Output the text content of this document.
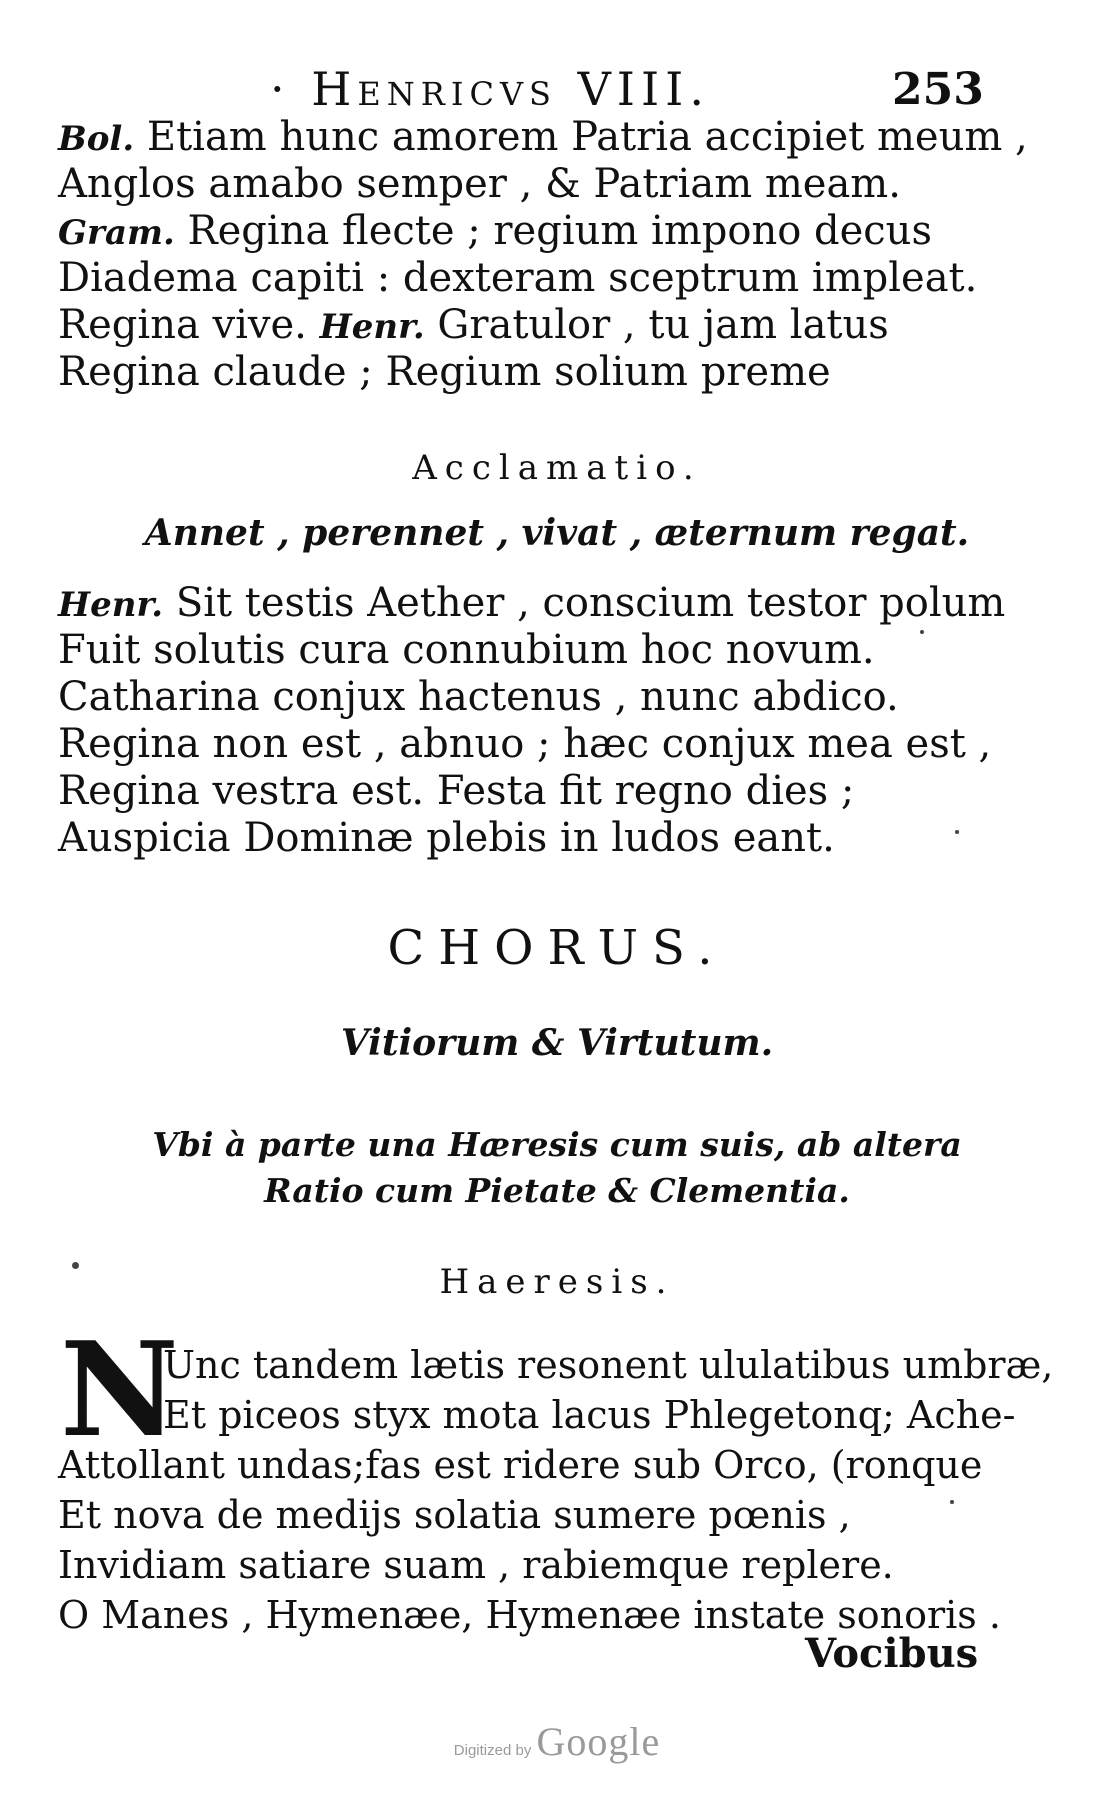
· Henricvs VIII.	253
Bol. Etiam hunc amorem Patria accipiet meum ,
Anglos amabo semper , & Patriam meam.
Gram. Regina flecte ; regium impono decus
Diadema capiti : dexteram sceptrum impleat.
Regina vive. Henr. Gratulor , tu jam latus
Regina claude ; Regium solium preme
Acclamatio.
Annet , perennet , vivat , æternum regat.
Henr. Sit testis Aether , conscium testor polum
Fuit solutis cura connubium hoc novum.
Catharina conjux hactenus , nunc abdico.
Regina non est , abnuo ; hæc conjux mea est ,
Regina vestra est. Festa fit regno dies ;
Auspicia Dominæ plebis in ludos eant.
CHORUS.
Vitiorum & Virtutum.
Vbi à parte una Hæresis cum suis, ab altera
Ratio cum Pietate & Clementia.
Haeresis.
N
Unc tandem lætis resonent ululatibus umbræ,
Et piceos styx mota lacus Phlegetonq; Ache-
Attollant undas;fas est ridere sub Orco, (ronque
Et nova de medijs solatia sumere pœnis ,
Invidiam satiare suam , rabiemque replere.
O Manes , Hymenæe, Hymenæe instate sonoris .
Vocibus
Digitized by Google
